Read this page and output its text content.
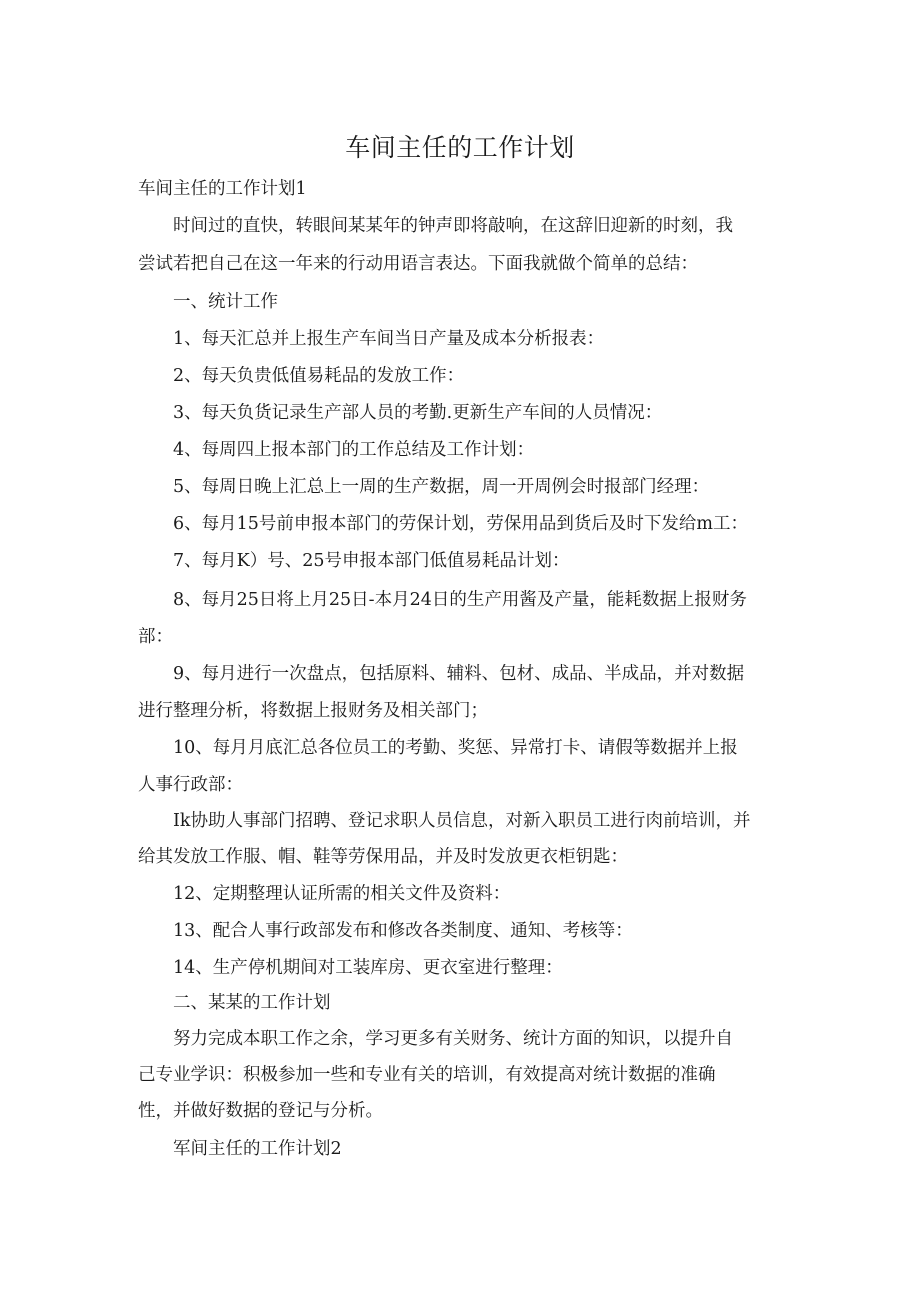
车间主任的工作计划

车间主任的工作计划1

时间过的直快，转眼间某某年的钟声即将敲响，在这辞旧迎新的时刻，我

尝试若把自己在这一年来的行动用语言表达。下面我就做个简单的总结：

一、统计工作

1、每天汇总并上报生产车间当日产量及成本分析报表：

2、每天负贵低值易耗品的发放工作：

3、每天负货记录生产部人员的考勤.更新生产车间的人员情况：

4、每周四上报本部门的工作总结及工作计划：

5、每周日晚上汇总上一周的生产数据，周一开周例会时报部门经理：

6、每月15号前申报本部门的劳保计划，劳保用品到货后及时下发给m工：

7、每月K）号、25号申报本部门低值易耗品计划：

8、每月25日将上月25日-本月24日的生产用酱及产量，能耗数据上报财务

部：

9、每月进行一次盘点，包括原料、辅料、包材、成品、半成品，并对数据

进行整理分析，将数据上报财务及相关部门；

10、每月月底汇总各位员工的考勤、奖惩、异常打卡、请假等数据并上报

人事行政部：

Ik协助人事部门招聘、登记求职人员信息，对新入职员工进行肉前培训，并

给其发放工作服、帽、鞋等劳保用品，并及时发放更衣柜钥匙：

12、定期整理认证所需的相关文件及资料：

13、配合人事行政部发布和修改各类制度、通知、考核等：

14、生产停机期间对工装库房、更衣室进行整理：

二、某某的工作计划

努力完成本职工作之余，学习更多有关财务、统计方面的知识，以提升自

己专业学识：积极参加一些和专业有关的培训，有效提高对统计数据的准确

性，并做好数据的登记与分析。

军间主任的工作计划2
